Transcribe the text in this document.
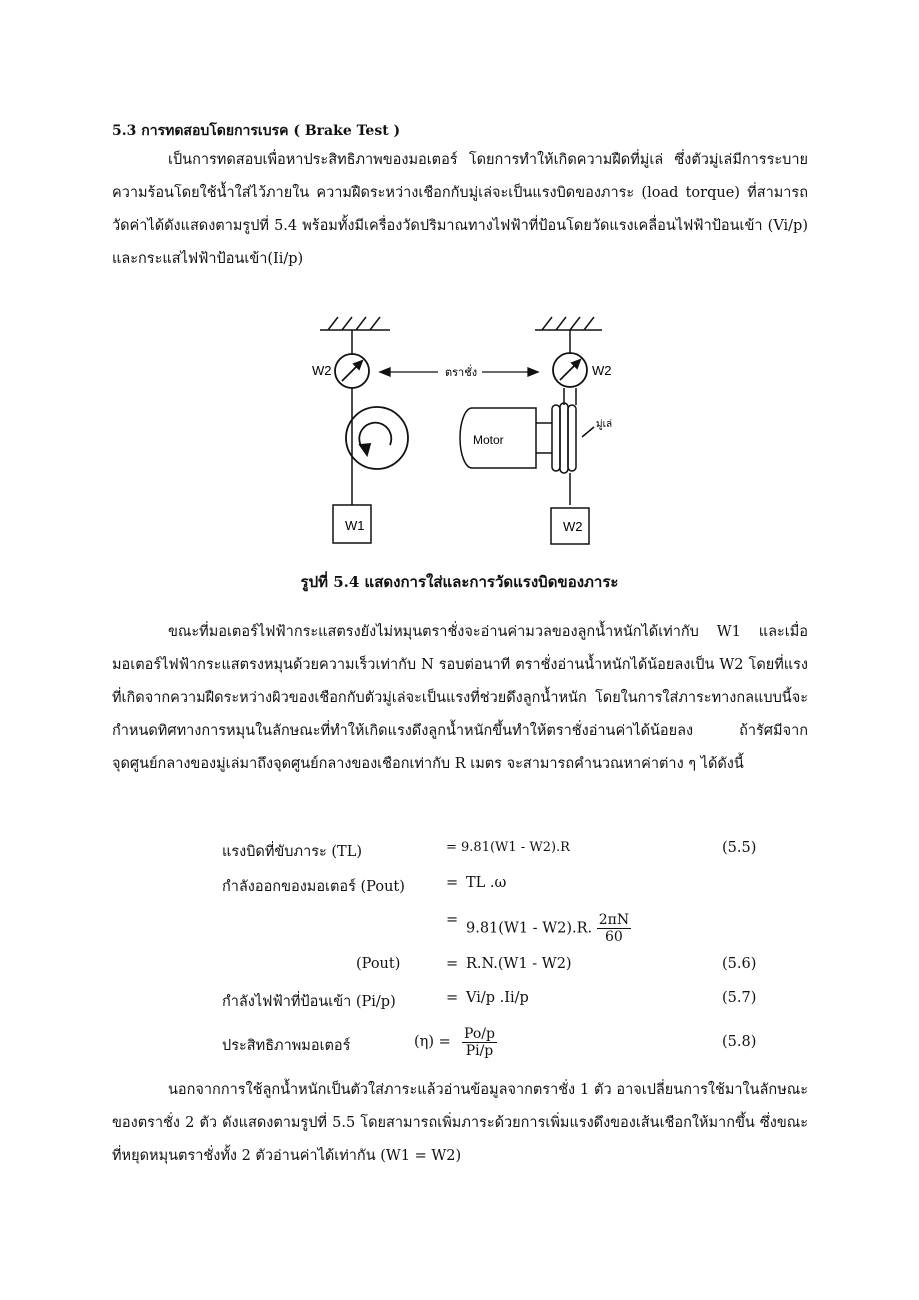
5.3 การทดสอบโดยการเบรค ( Brake Test )

เป็นการทดสอบเพื่อหาประสิทธิภาพของมอเตอร์ โดยการทำให้เกิดความฝืดที่มู่เล่ ซึ่งตัวมู่เล่มีการระบายความร้อนโดยใช้น้ำใส่ไว้ภายใน ความฝืดระหว่างเชือกกับมู่เล่จะเป็นแรงบิดของภาระ (load torque) ที่สามารถวัดค่าได้ดังแสดงตามรูปที่ 5.4 พร้อมทั้งมีเครื่องวัดปริมาณทางไฟฟ้าที่ป้อนโดยวัดแรงเคลื่อนไฟฟ้าป้อนเข้า (Vi/p) และกระแสไฟฟ้าป้อนเข้า(Ii/p)

W2	W2
ตราชั่ง
W1
Motor
มู่เล่
W2

รูปที่ 5.4 แสดงการใส่และการวัดแรงบิดของภาระ

ขณะที่มอเตอร์ไฟฟ้ากระแสตรงยังไม่หมุนตราชั่งจะอ่านค่ามวลของลูกน้ำหนักได้เท่ากับ W1 และเมื่อมอเตอร์ไฟฟ้ากระแสตรงหมุนด้วยความเร็วเท่ากับ N รอบต่อนาที ตราชั่งอ่านน้ำหนักได้น้อยลงเป็น W2 โดยที่แรงที่เกิดจากความฝืดระหว่างผิวของเชือกกับตัวมู่เล่จะเป็นแรงที่ช่วยดึงลูกน้ำหนัก โดยในการใส่ภาระทางกลแบบนี้จะกำหนดทิศทางการหมุนในลักษณะที่ทำให้เกิดแรงดึงลูกน้ำหนักขึ้นทำให้ตราชั่งอ่านค่าได้น้อยลง ถ้ารัศมีจากจุดศูนย์กลางของมู่เล่มาถึงจุดศูนย์กลางของเชือกเท่ากับ R เมตร จะสามารถคำนวณหาค่าต่าง ๆ ได้ดังนี้

แรงบิดที่ขับภาระ (TL)	= 9.81(W1 - W2).R	(5.5)
กำลังออกของมอเตอร์ (Pout)	= TL .ω
=
9.81(W1 - W2).R. $\frac{2\pi N}{60}$
(Pout)	= R.N.(W1 - W2)	(5.6)
กำลังไฟฟ้าที่ป้อนเข้า (Pi/p)	= Vi/p .Ii/p	(5.7)
ประสิทธิภาพมอเตอร์	$(\eta) = \frac{Po/p}{Pi/p}$	(5.8)

นอกจากการใช้ลูกน้ำหนักเป็นตัวใส่ภาระแล้วอ่านข้อมูลจากตราชั่ง 1 ตัว อาจเปลี่ยนการใช้มาในลักษณะของตราชั่ง 2 ตัว ดังแสดงตามรูปที่ 5.5 โดยสามารถเพิ่มภาระด้วยการเพิ่มแรงดึงของเส้นเชือกให้มากขึ้น ซึ่งขณะที่หยุดหมุนตราชั่งทั้ง 2 ตัวอ่านค่าได้เท่ากัน (W1 = W2)
